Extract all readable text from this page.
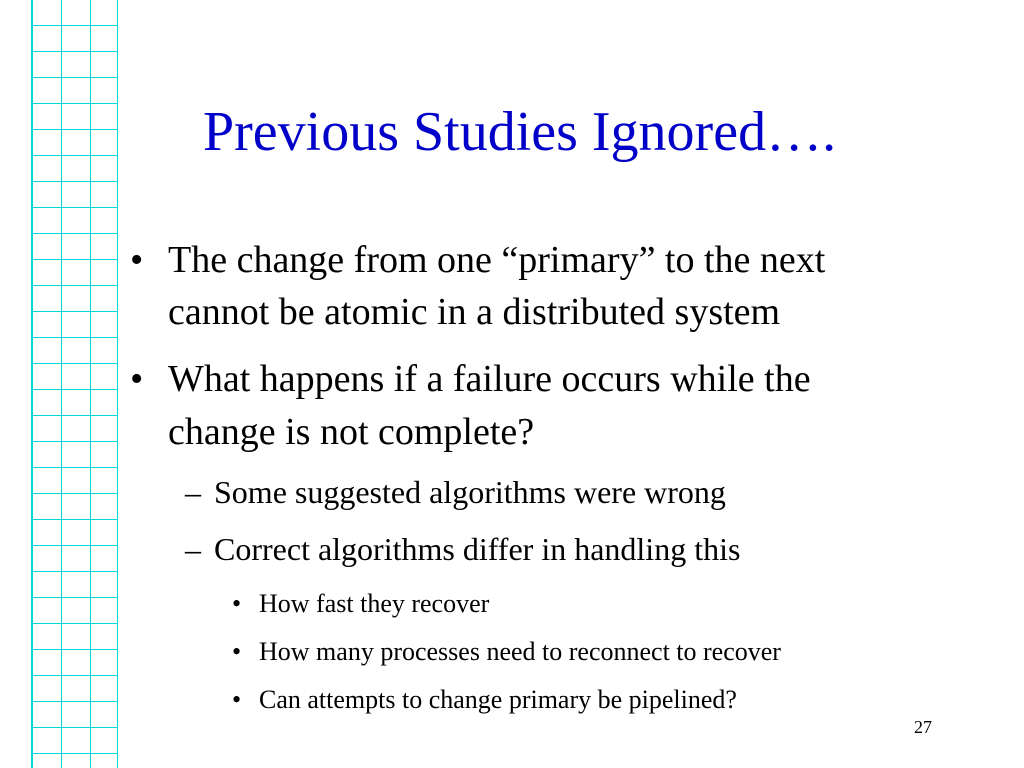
Previous Studies Ignored….
• The change from one “primary” to the next
cannot be atomic in a distributed system
• What happens if a failure occurs while the
change is not complete?
– Some suggested algorithms were wrong
– Correct algorithms differ in handling this
• How fast they recover
• How many processes need to reconnect to recover
• Can attempts to change primary be pipelined?
27
